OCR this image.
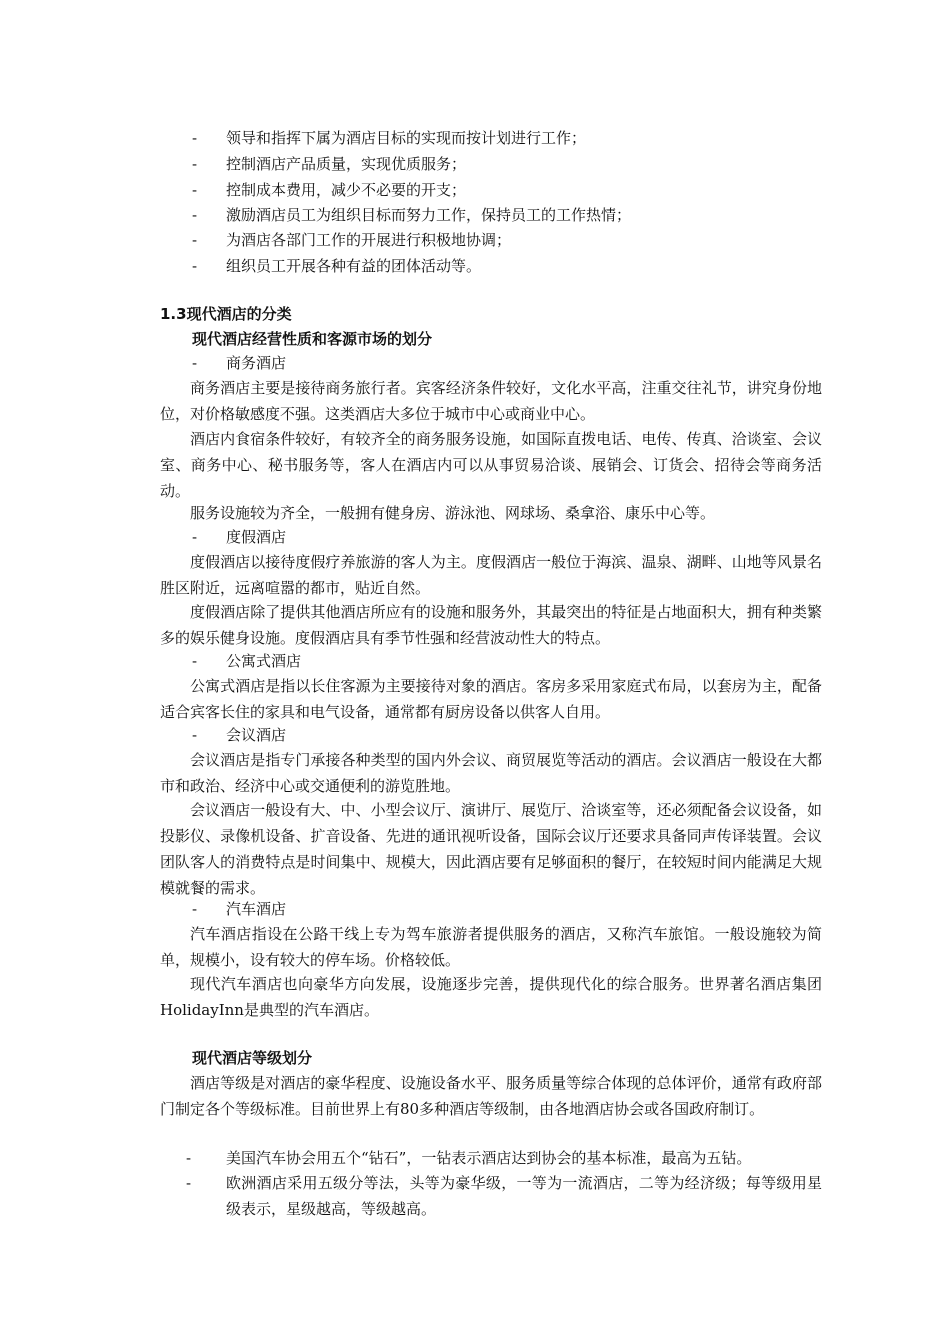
- 领导和指挥下属为酒店目标的实现而按计划进行工作；
- 控制酒店产品质量，实现优质服务；
- 控制成本费用，减少不必要的开支；
- 激励酒店员工为组织目标而努力工作，保持员工的工作热情；
- 为酒店各部门工作的开展进行积极地协调；
- 组织员工开展各种有益的团体活动等。
1.3现代酒店的分类
现代酒店经营性质和客源市场的划分
- 商务酒店
商务酒店主要是接待商务旅行者。宾客经济条件较好，文化水平高，注重交往礼节，讲究身份地位，对价格敏感度不强。这类酒店大多位于城市中心或商业中心。
酒店内食宿条件较好，有较齐全的商务服务设施，如国际直拨电话、电传、传真、洽谈室、会议室、商务中心、秘书服务等，客人在酒店内可以从事贸易洽谈、展销会、订货会、招待会等商务活动。
服务设施较为齐全，一般拥有健身房、游泳池、网球场、桑拿浴、康乐中心等。
- 度假酒店
度假酒店以接待度假疗养旅游的客人为主。度假酒店一般位于海滨、温泉、湖畔、山地等风景名胜区附近，远离喧嚣的都市，贴近自然。
度假酒店除了提供其他酒店所应有的设施和服务外，其最突出的特征是占地面积大，拥有种类繁多的娱乐健身设施。度假酒店具有季节性强和经营波动性大的特点。
- 公寓式酒店
公寓式酒店是指以长住客源为主要接待对象的酒店。客房多采用家庭式布局，以套房为主，配备适合宾客长住的家具和电气设备，通常都有厨房设备以供客人自用。
- 会议酒店
会议酒店是指专门承接各种类型的国内外会议、商贸展览等活动的酒店。会议酒店一般设在大都市和政治、经济中心或交通便利的游览胜地。
会议酒店一般设有大、中、小型会议厅、演讲厅、展览厅、洽谈室等，还必须配备会议设备，如投影仪、录像机设备、扩音设备、先进的通讯视听设备，国际会议厅还要求具备同声传译装置。会议团队客人的消费特点是时间集中、规模大，因此酒店要有足够面积的餐厅，在较短时间内能满足大规模就餐的需求。
- 汽车酒店
汽车酒店指设在公路干线上专为驾车旅游者提供服务的酒店，又称汽车旅馆。一般设施较为简单，规模小，设有较大的停车场。价格较低。
现代汽车酒店也向豪华方向发展，设施逐步完善，提供现代化的综合服务。世界著名酒店集团HolidayInn是典型的汽车酒店。
现代酒店等级划分
酒店等级是对酒店的豪华程度、设施设备水平、服务质量等综合体现的总体评价，通常有政府部门制定各个等级标准。目前世界上有80多种酒店等级制，由各地酒店协会或各国政府制订。
- 美国汽车协会用五个“钻石”，一钻表示酒店达到协会的基本标准，最高为五钻。
- 欧洲酒店采用五级分等法，头等为豪华级，一等为一流酒店，二等为经济级；每等级用星级表示，星级越高，等级越高。
